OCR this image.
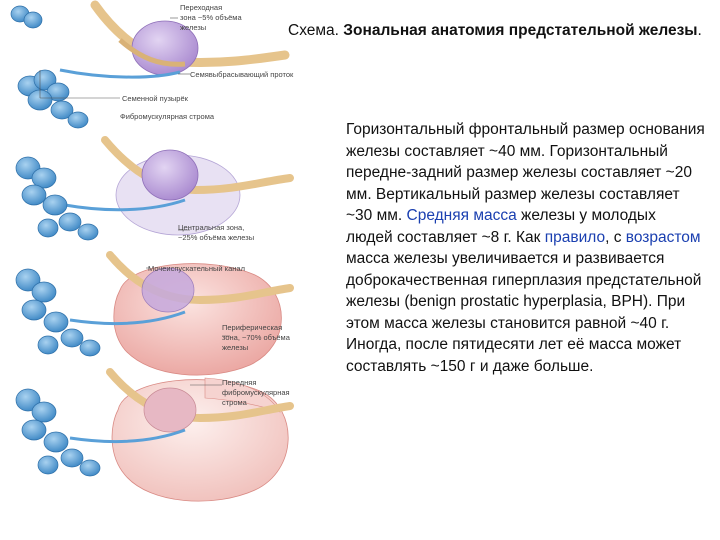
Переходная
зона ~5% объёма
железы
Семявыбрасывающий проток
Семенной пузырёк
Фибромускулярная строма
Центральная зона,
~25% объёма железы
Мочеиспускательный канал
Периферическая
зона, ~70% объёма
железы
Передняя
фибромускулярная
строма
Схема. Зональная анатомия предстательной железы.
Горизонтальный фронтальный размер основания железы составляет ~40 мм. Горизонтальный передне-задний размер железы составляет ~20 мм. Вертикальный размер железы составляет ~30 мм. Средняя масса железы у молодых людей составляет ~8 г. Как правило, с возрастом масса железы увеличивается и развивается доброкачественная гиперплазия предстательной железы (benign prostatic hyperplasia, BPH). При этом масса железы становится равной ~40 г. Иногда, после пятидесяти лет её масса может составлять ~150 г и даже больше.
